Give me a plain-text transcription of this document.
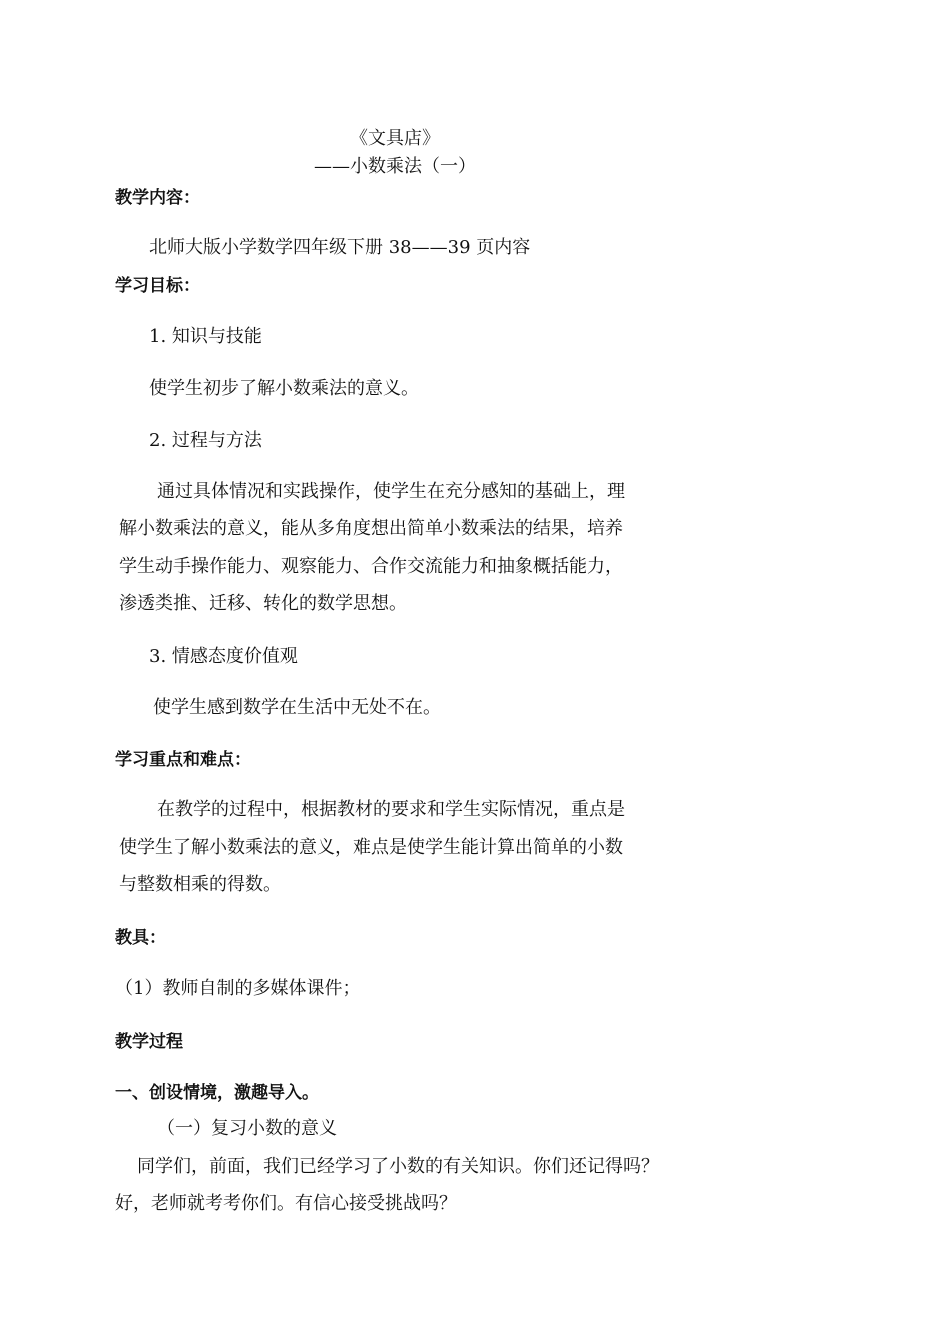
《文具店》
——小数乘法（一）
教学内容：
北师大版小学数学四年级下册 38——39 页内容
学习目标：
1. 知识与技能
使学生初步了解小数乘法的意义。
2. 过程与方法
通过具体情况和实践操作，使学生在充分感知的基础上，理
解小数乘法的意义，能从多角度想出简单小数乘法的结果，培养
学生动手操作能力、观察能力、合作交流能力和抽象概括能力，
渗透类推、迁移、转化的数学思想。
3. 情感态度价值观
使学生感到数学在生活中无处不在。
学习重点和难点：
在教学的过程中，根据教材的要求和学生实际情况，重点是
使学生了解小数乘法的意义，难点是使学生能计算出简单的小数
与整数相乘的得数。
教具：
（1）教师自制的多媒体课件；
教学过程
一、创设情境，激趣导入。
（一）复习小数的意义
同学们，前面，我们已经学习了小数的有关知识。你们还记得吗？
好，老师就考考你们。有信心接受挑战吗？
